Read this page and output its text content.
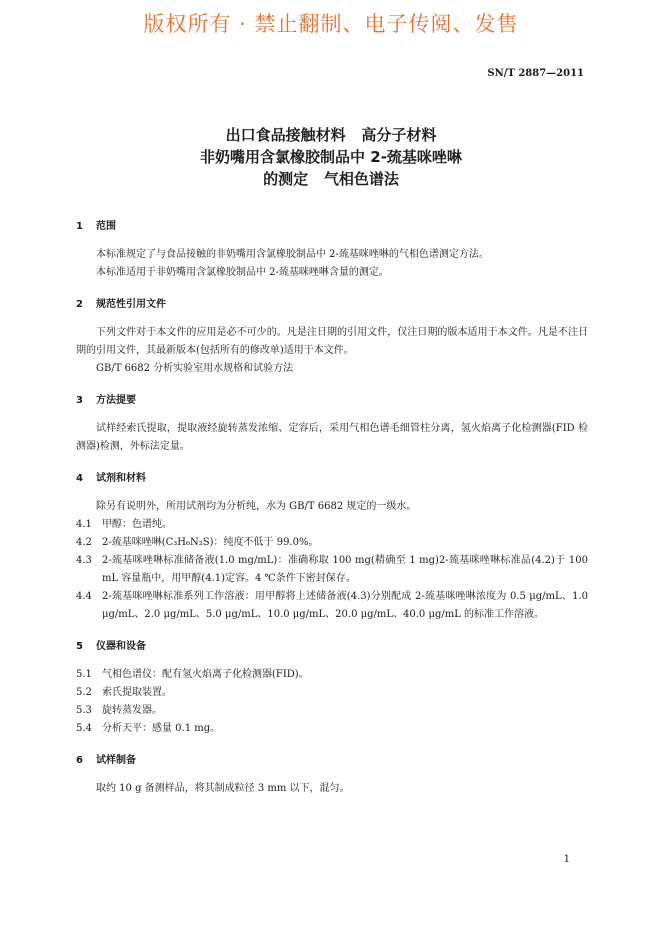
版权所有 · 禁止翻制、电子传阅、发售
SN/T 2887—2011
出口食品接触材料   高分子材料
非奶嘴用含氯橡胶制品中 2-巯基咪唑啉
的测定   气相色谱法
1	范围
本标准规定了与食品接触的非奶嘴用含氯橡胶制品中 2-巯基咪唑啉的气相色谱测定方法。
本标准适用于非奶嘴用含氯橡胶制品中 2-巯基咪唑啉含量的测定。
2	规范性引用文件
下列文件对于本文件的应用是必不可少的。凡是注日期的引用文件，仅注日期的版本适用于本文件。凡是不注日期的引用文件，其最新版本(包括所有的修改单)适用于本文件。
GB/T 6682 分析实验室用水规格和试验方法
3	方法提要
试样经索氏提取，提取液经旋转蒸发浓缩、定容后，采用气相色谱毛细管柱分离，氢火焰离子化检测器(FID 检测器)检测，外标法定量。
4	试剂和材料
除另有说明外，所用试剂均为分析纯，水为 GB/T 6682 规定的一级水。
4.1	甲醇：色谱纯。
4.2	2-巯基咪唑啉(C₃H₆N₂S)：纯度不低于 99.0%。
4.3	2-巯基咪唑啉标准储备液(1.0 mg/mL)：准确称取 100 mg(精确至 1 mg)2-巯基咪唑啉标准品(4.2)于 100 mL 容量瓶中，用甲醇(4.1)定容。4 ℃条件下密封保存。
4.4	2-巯基咪唑啉标准系列工作溶液：用甲醇将上述储备液(4.3)分别配成 2-巯基咪唑啉浓度为 0.5 μg/mL、1.0 μg/mL、2.0 μg/mL、5.0 μg/mL、10.0 μg/mL、20.0 μg/mL、40.0 μg/mL 的标准工作溶液。
5	仪器和设备
5.1	气相色谱仪：配有氢火焰离子化检测器(FID)。
5.2	索氏提取装置。
5.3	旋转蒸发器。
5.4	分析天平：感量 0.1 mg。
6	试样制备
取约 10 g 备测样品，将其制成粒径 3 mm 以下，混匀。
1
